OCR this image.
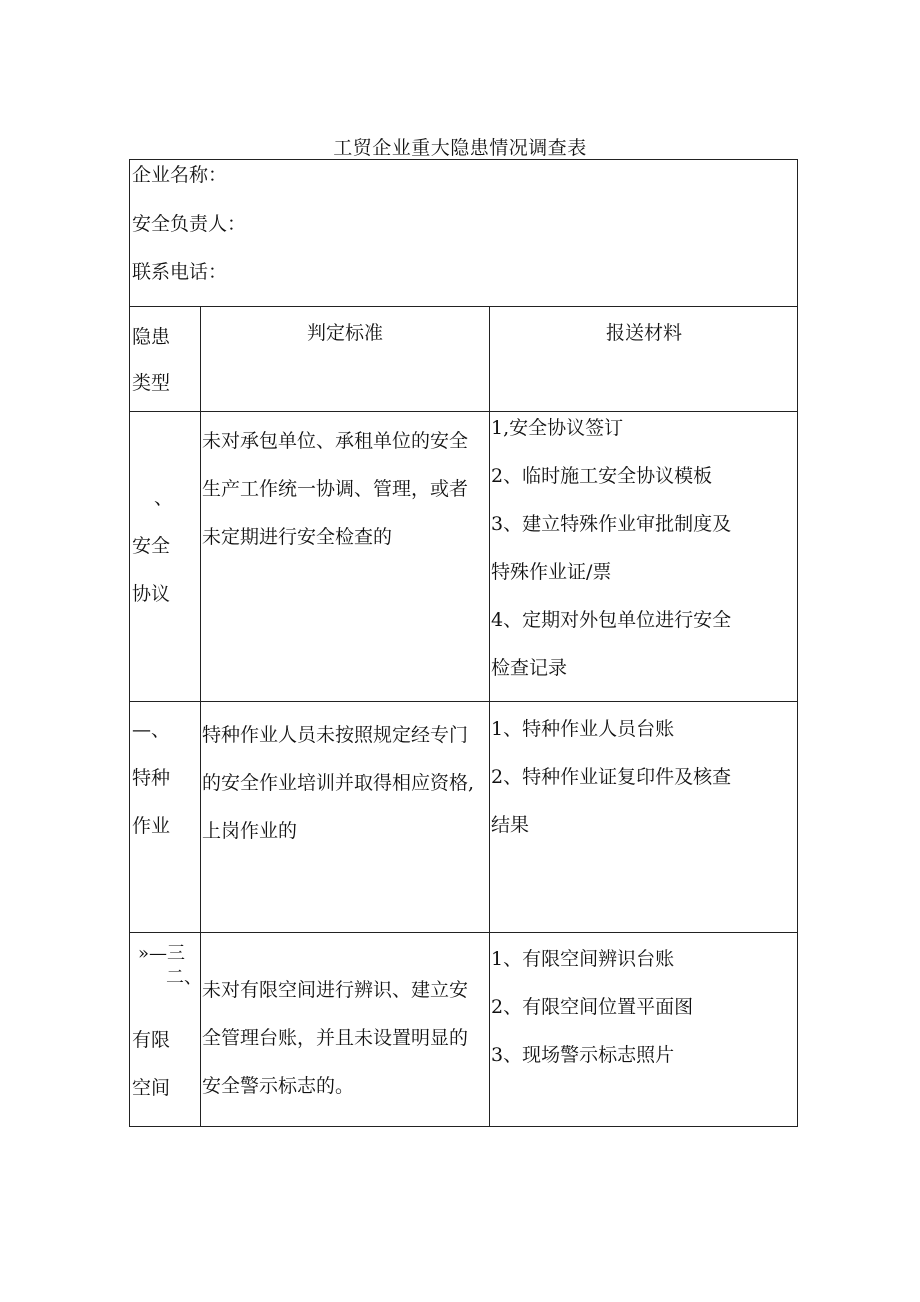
工贸企业重大隐患情况调查表
企业名称：
安全负责人：
联系电话：
隐患
类型
判定标准	报送材料
、
安全
协议
未对承包单位、承租单位的安全
生产工作统一协调、管理，或者
未定期进行安全检查的
1,安全协议签订
2、临时施工安全协议模板
3、建立特殊作业审批制度及
特殊作业证/票
4、定期对外包单位进行安全
检查记录
—、
特种
作业
特种作业人员未按照规定经专门
的安全作业培训并取得相应资格,
上岗作业的
1、特种作业人员台账
2、特种作业证复印件及核查
结果
»—三
二、
有限
空间
未对有限空间进行辨识、建立安
全管理台账，并且未设置明显的
安全警示标志的。
1、有限空间辨识台账
2、有限空间位置平面图
3、现场警示标志照片
